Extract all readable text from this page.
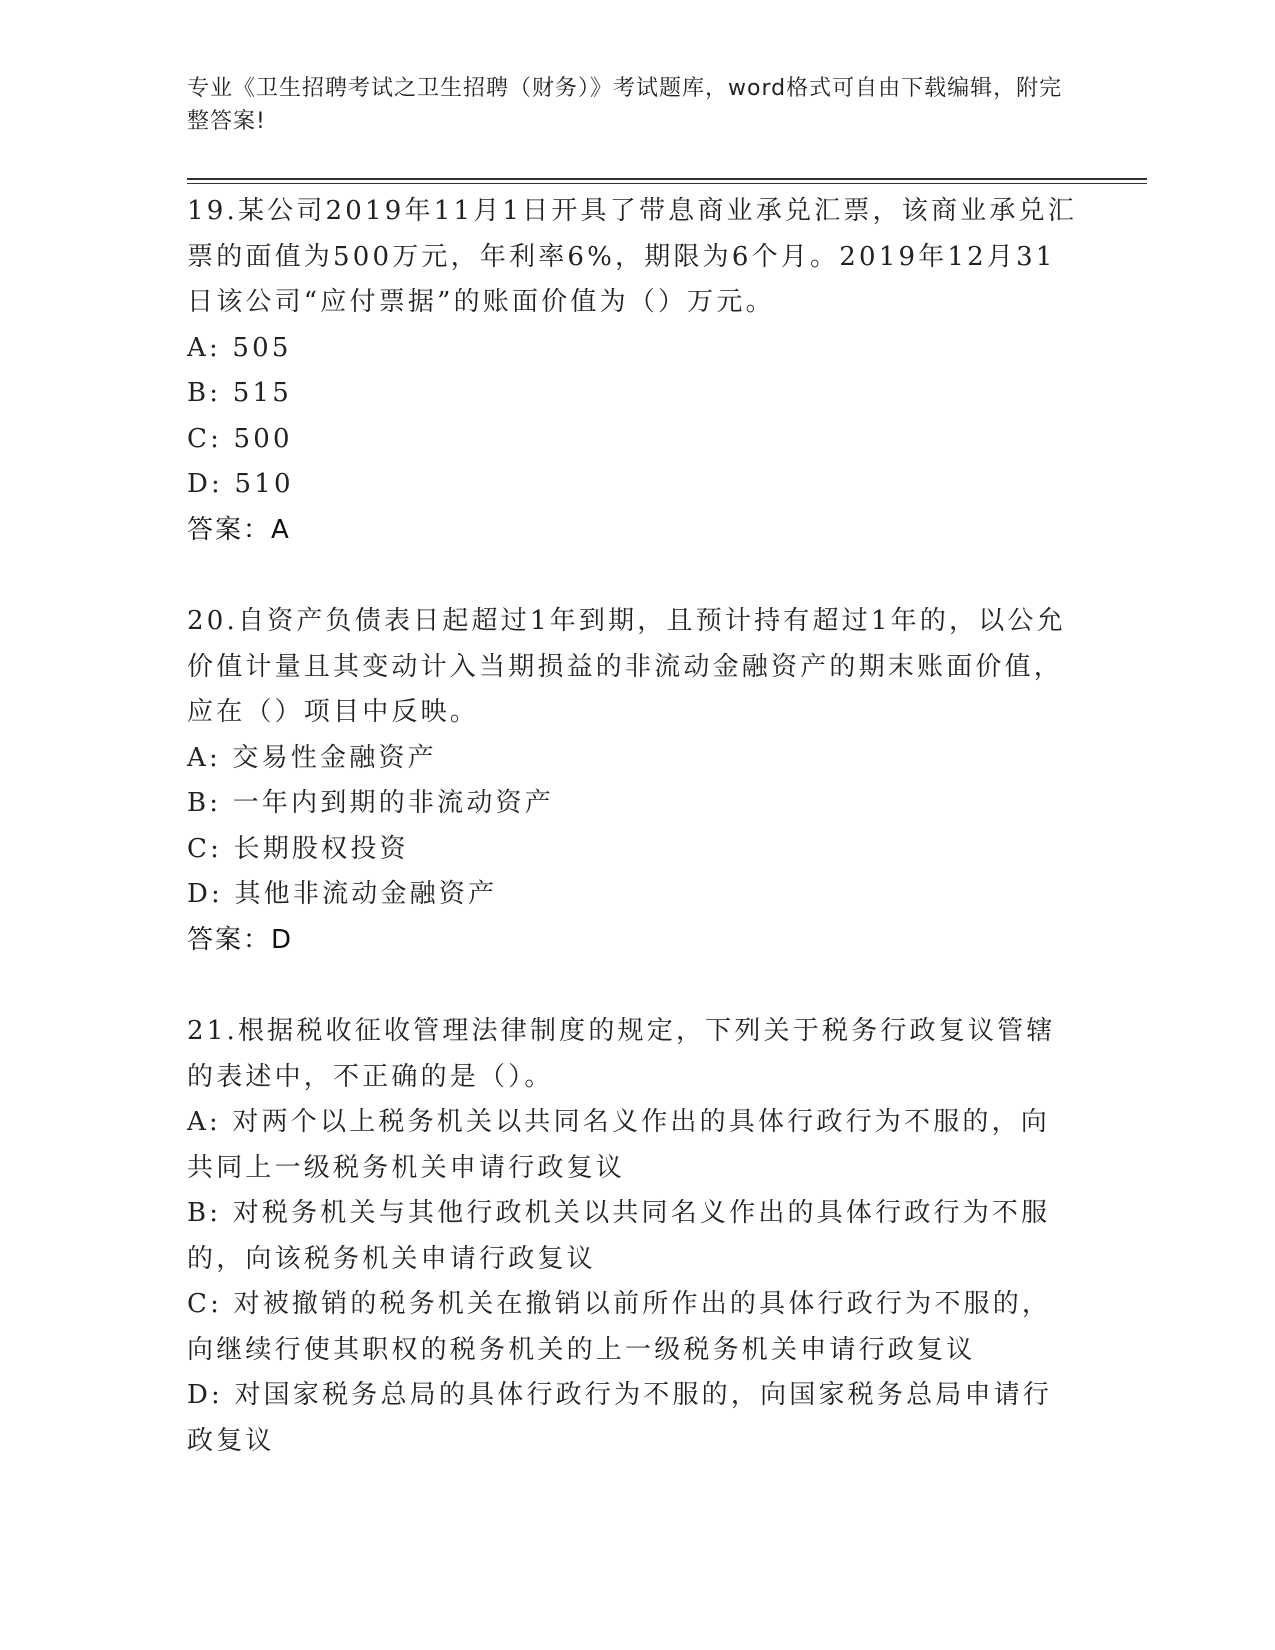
专业《卫生招聘考试之卫生招聘（财务）》考试题库，word格式可自由下载编辑，附完整答案!
19.某公司2019年11月1日开具了带息商业承兑汇票，该商业承兑汇票的面值为500万元，年利率6%，期限为6个月。2019年12月31日该公司“应付票据”的账面价值为（）万元。
A: 505
B: 515
C: 500
D: 510
答案：A
20.自资产负债表日起超过1年到期，且预计持有超过1年的，以公允价值计量且其变动计入当期损益的非流动金融资产的期末账面价值，应在（）项目中反映。
A: 交易性金融资产
B: 一年内到期的非流动资产
C: 长期股权投资
D: 其他非流动金融资产
答案：D
21.根据税收征收管理法律制度的规定，下列关于税务行政复议管辖的表述中，不正确的是（）。
A: 对两个以上税务机关以共同名义作出的具体行政行为不服的，向共同上一级税务机关申请行政复议
B: 对税务机关与其他行政机关以共同名义作出的具体行政行为不服的，向该税务机关申请行政复议
C: 对被撤销的税务机关在撤销以前所作出的具体行政行为不服的，向继续行使其职权的税务机关的上一级税务机关申请行政复议
D: 对国家税务总局的具体行政行为不服的，向国家税务总局申请行政复议
